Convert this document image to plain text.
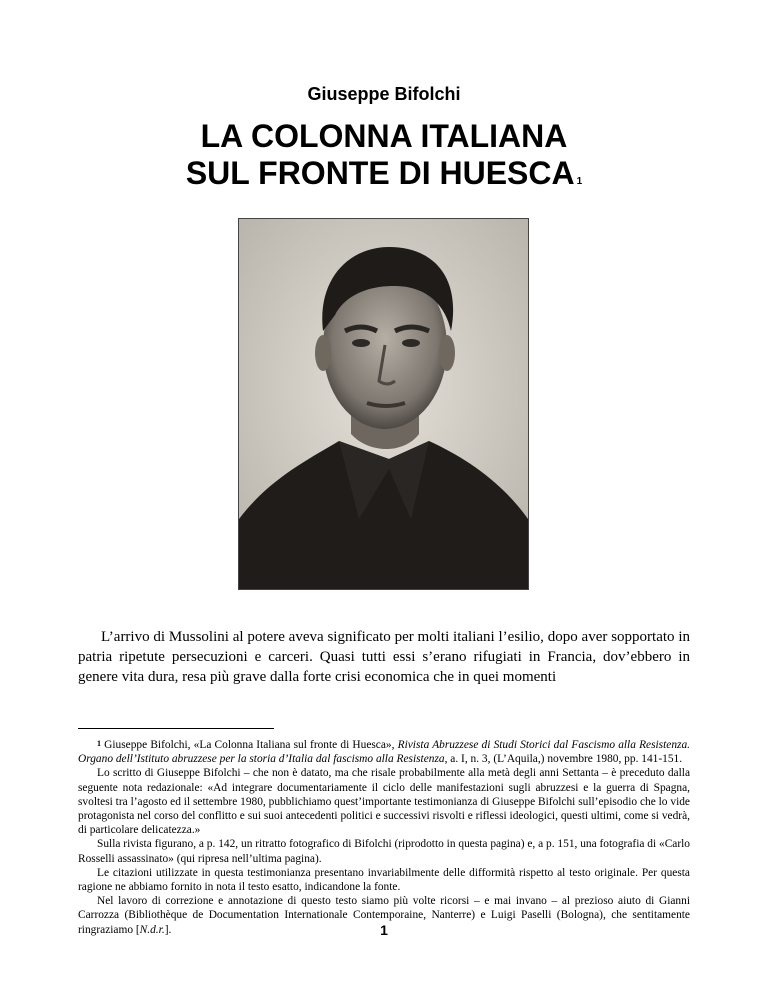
Giuseppe Bifolchi
LA COLONNA ITALIANA
SUL FRONTE DI HUESCA $^1$
L’arrivo di Mussolini al potere aveva significato per molti italiani l’esilio, dopo aver sopportato in patria ripetute persecuzioni e carceri. Quasi tutti essi s’erano rifugiati in Francia, dov’ebbero in genere vita dura, resa più grave dalla forte crisi economica che in quei momenti

$^1$ Giuseppe Bifolchi, «La Colonna Italiana sul fronte di Huesca», Rivista Abruzzese di Studi Storici dal Fascismo alla Resistenza. Organo dell’Istituto abruzzese per la storia d’Italia dal fascismo alla Resistenza, a. I, n. 3, (L’Aquila,) novembre 1980, pp. 141-151.

Lo scritto di Giuseppe Bifolchi – che non è datato, ma che risale probabilmente alla metà degli anni Settanta – è preceduto dalla seguente nota redazionale: «Ad integrare documentariamente il ciclo delle manifestazioni sugli abruzzesi e la guerra di Spagna, svoltesi tra l’agosto ed il settembre 1980, pubblichiamo quest’importante testimonianza di Giuseppe Bifolchi sull’episodio che lo vide protagonista nel corso del conflitto e sui suoi antecedenti politici e successivi risvolti e riflessi ideologici, questi ultimi, come si vedrà, di particolare delicatezza.»

Sulla rivista figurano, a p. 142, un ritratto fotografico di Bifolchi (riprodotto in questa pagina) e, a p. 151, una fotografia di «Carlo Rosselli assassinato» (qui ripresa nell’ultima pagina).

Le citazioni utilizzate in questa testimonianza presentano invariabilmente delle difformità rispetto al testo originale. Per questa ragione ne abbiamo fornito in nota il testo esatto, indicandone la fonte.

Nel lavoro di correzione e annotazione di questo testo siamo più volte ricorsi – e mai invano – al prezioso aiuto di Gianni Carrozza (Bibliothèque de Documentation Internationale Contemporaine, Nanterre) e Luigi Paselli (Bologna), che sentitamente ringraziamo [N.d.r.].	1
